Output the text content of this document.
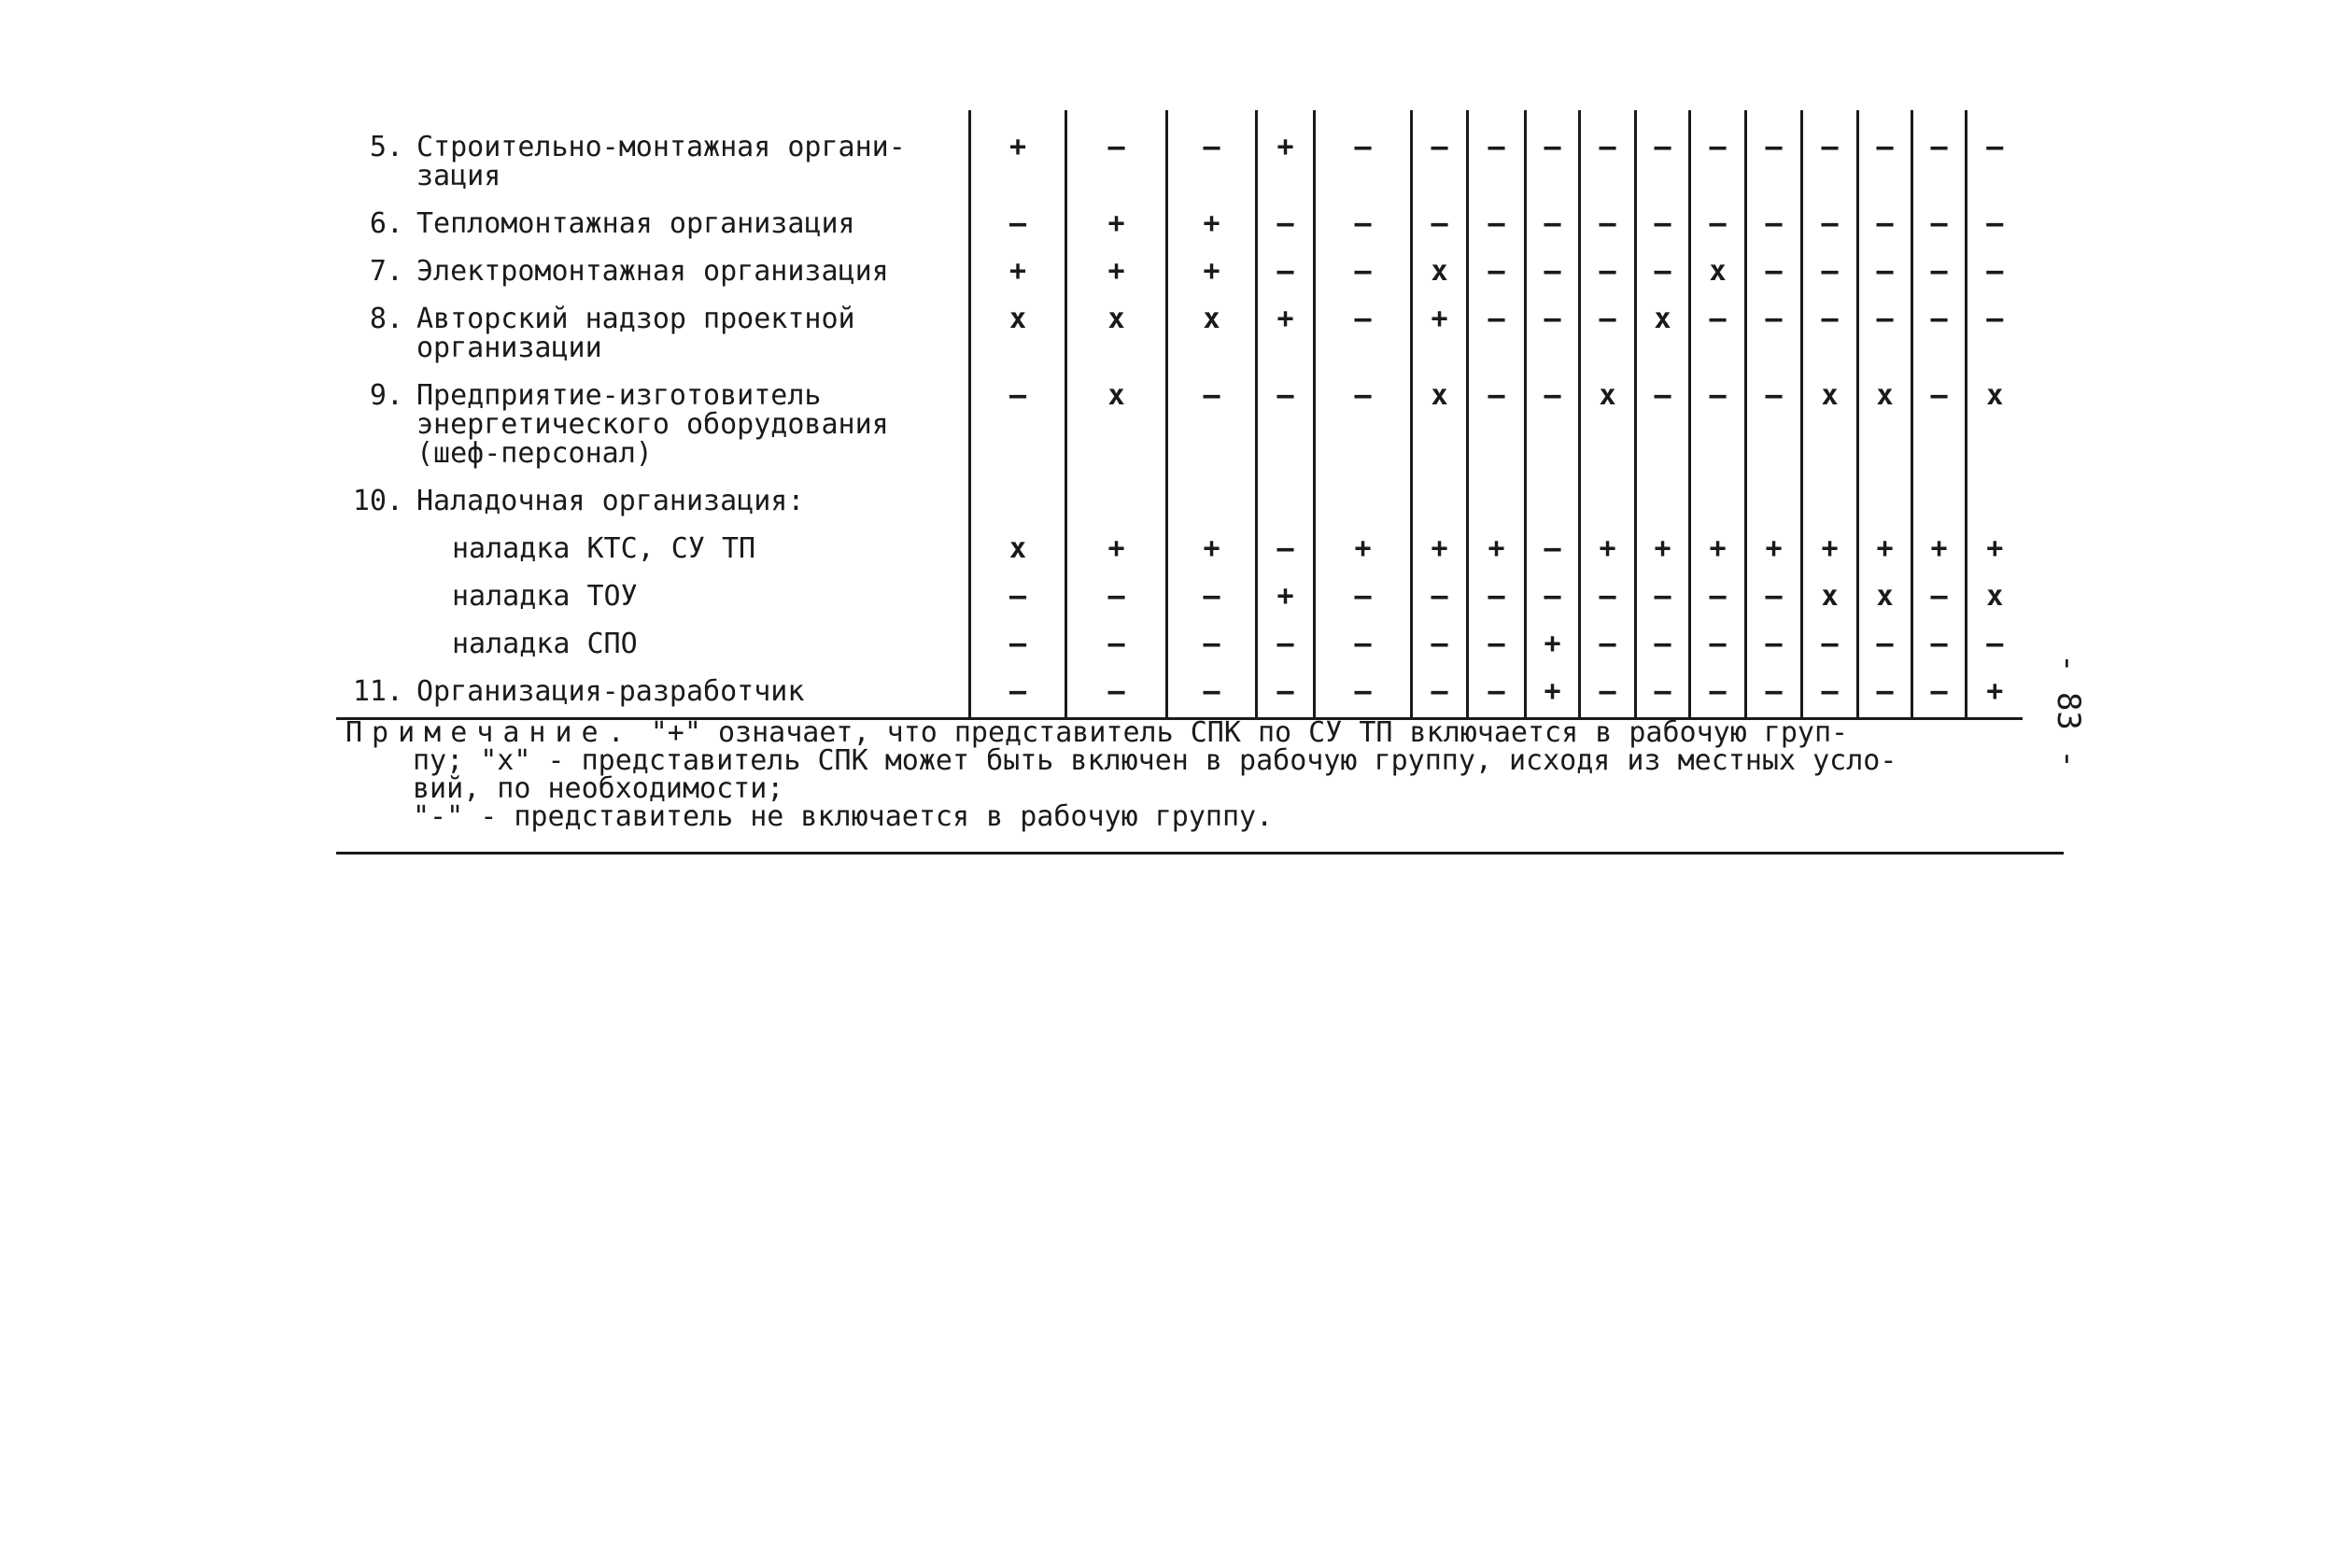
5. Строительно-монтажная органи-
зация	+	–	–	+	–	–	–	–	–	–	–	–	–	–	–	–

6. Тепломонтажная организация	–	+	+	–	–	–	–	–	–	–	–	–	–	–	–	–

7. Электромонтажная организация	+	+	+	–	–	x	–	–	–	–	x	–	–	–	–	–

8. Авторский надзор проектной
организации	x	x	x	+	–	+	–	–	–	x	–	–	–	–	–	–

9. Предприятие-изготовитель
энергетического оборудования
(шеф-персонал)	–	x	–	–	–	x	–	–	x	–	–	–	x	x	–	x

10. Наладочная организация:																

наладка КТС, СУ ТП	x	+	+	–	+	+	+	–	+	+	+	+	+	+	+	+

наладка ТОУ	–	–	–	+	–	–	–	–	–	–	–	–	x	x	–	x

наладка СПО	–	–	–	–	–	–	–	+	–	–	–	–	–	–	–	–

11. Организация-разработчик	–	–	–	–	–	–	–	+	–	–	–	–	–	–	–	+
Примечание. "+" означает, что представитель СПК по СУ ТП включается в рабочую груп-
пу; "x" - представитель СПК может быть включен в рабочую группу, исходя из местных усло-
вий, по необходимости;
"-" - представитель не включается в рабочую группу.
- 83 -
